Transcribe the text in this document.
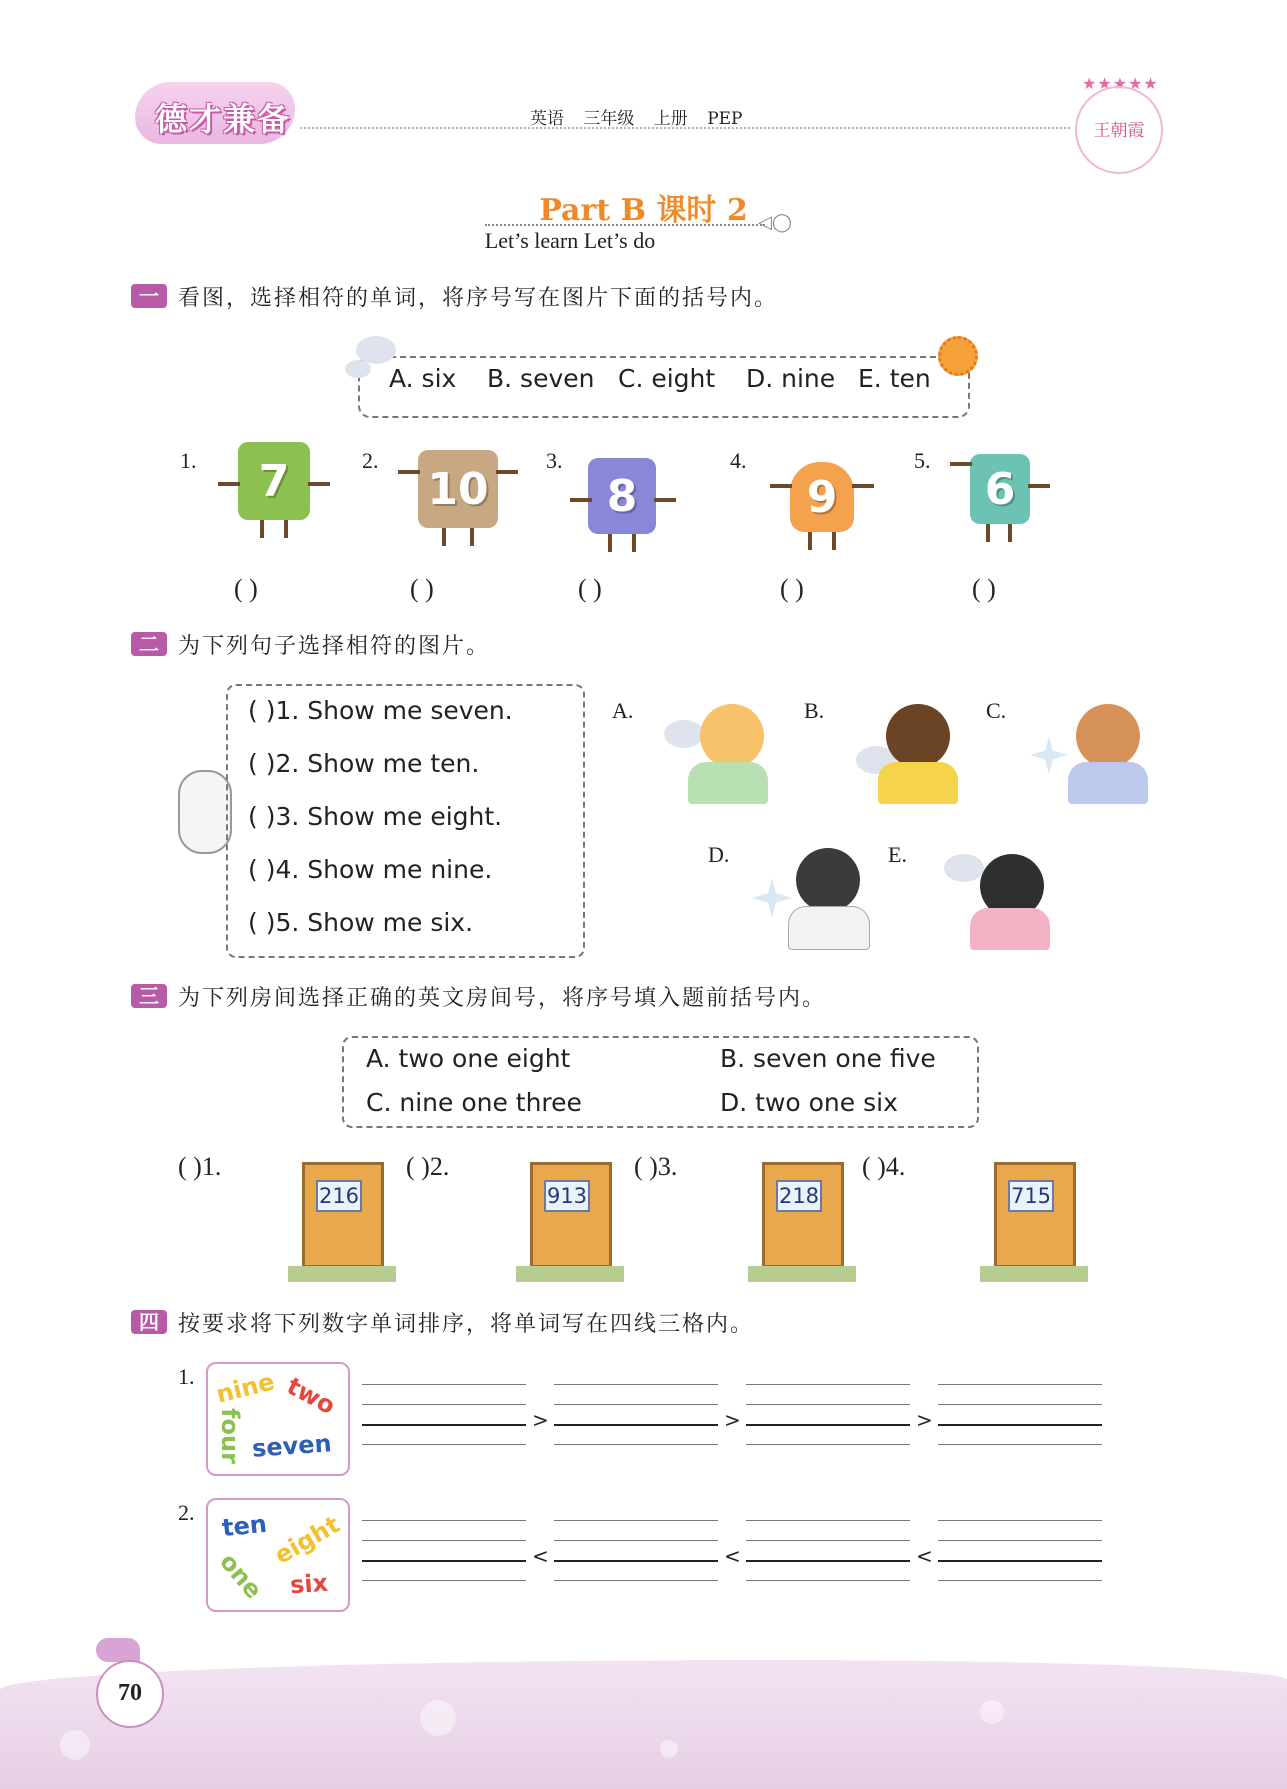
德才兼备	英语 三年级 上册 PEP
★★★★★
王朝霞
Part B 课时 2 ◁◯
Let’s learn Let’s do
一 看图，选择相符的单词，将序号写在图片下面的括号内。
A. six B. seven C. eight D. nine E. ten
1.	7	2.
10
3.
8
4.
9
5.
6
( )	( )	( )	( )	( )
二 为下列句子选择相符的图片。
( )1. Show me seven.
( )2. Show me ten.
( )3. Show me eight.
( )4. Show me nine.
( )5. Show me six.
A.	B.	C.
D.	E.
三 为下列房间选择正确的英文房间号，将序号填入题前括号内。
A. two one eight	B. seven one five
C. nine one three	D. two one six
( )1.
216
( )2.
913
( )3.
218
( )4.
715
四 按要求将下列数字单词排序，将单词写在四线三格内。
1. nine two
four seven
>	>	>
2. ten eight
one six
<	<	<
70
